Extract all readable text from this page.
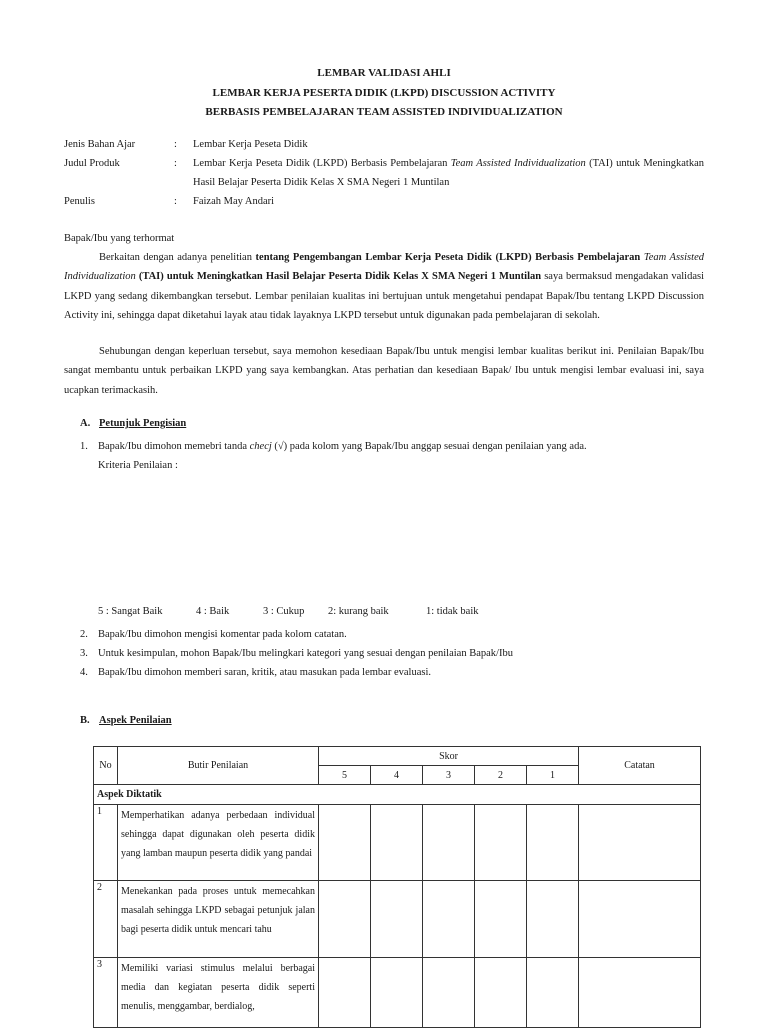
LEMBAR VALIDASI AHLI
LEMBAR KERJA PESERTA DIDIK (LKPD) DISCUSSION ACTIVITY
BERBASIS PEMBELAJARAN TEAM ASSISTED INDIVIDUALIZATION
Jenis Bahan Ajar	:	Lembar Kerja Peseta Didik
Judul Produk	:	Lembar Kerja Peseta Didik (LKPD) Berbasis Pembelajaran Team Assisted Individualization (TAI) untuk Meningkatkan Hasil Belajar Peserta Didik Kelas X SMA Negeri 1 Muntilan
Penulis	:	Faizah May Andari
Bapak/Ibu yang terhormat
Berkaitan dengan adanya penelitian tentang Pengembangan Lembar Kerja Peseta Didik (LKPD) Berbasis Pembelajaran Team Assisted Individualization (TAI) untuk Meningkatkan Hasil Belajar Peserta Didik Kelas X SMA Negeri 1 Muntilan saya bermaksud mengadakan validasi LKPD yang sedang dikembangkan tersebut. Lembar penilaian kualitas ini bertujuan untuk mengetahui pendapat Bapak/Ibu tentang LKPD Discussion Activity ini, sehingga dapat diketahui layak atau tidak layaknya LKPD tersebut untuk digunakan pada pembelajaran di sekolah.
Sehubungan dengan keperluan tersebut, saya memohon kesediaan Bapak/Ibu untuk mengisi lembar kualitas berikut ini. Penilaian Bapak/Ibu sangat membantu untuk perbaikan LKPD yang saya kembangkan. Atas perhatian dan kesediaan Bapak/ Ibu untuk mengisi lembar evaluasi ini, saya ucapkan terimackasih.
A. Petunjuk Pengisian
1. Bapak/Ibu dimohon memebri tanda checj (√) pada kolom yang Bapak/Ibu anggap sesuai dengan penilaian yang ada.
Kriteria Penilaian :
5 : Sangat Baik	4 : Baik	3 : Cukup 2: kurang baik	1: tidak baik
2. Bapak/Ibu dimohon mengisi komentar pada kolom catatan.
3. Untuk kesimpulan, mohon Bapak/Ibu melingkari kategori yang sesuai dengan penilaian Bapak/Ibu
4. Bapak/Ibu dimohon memberi saran, kritik, atau masukan pada lembar evaluasi.
B. Aspek Penilaian
No	Butir Penilaian	Skor					Catatan
		5	4	3	2	1	
Aspek Diktatik							
1	Memperhatikan adanya perbedaan individual sehingga dapat digunakan oleh peserta didik yang lamban maupun peserta didik yang pandai						
2	Menekankan pada proses untuk memecahkan masalah sehingga LKPD sebagai petunjuk jalan bagi peserta didik untuk mencari tahu						
3	Memiliki variasi stimulus melalui berbagai media dan kegiatan peserta didik seperti menulis, menggambar, berdialog,						
